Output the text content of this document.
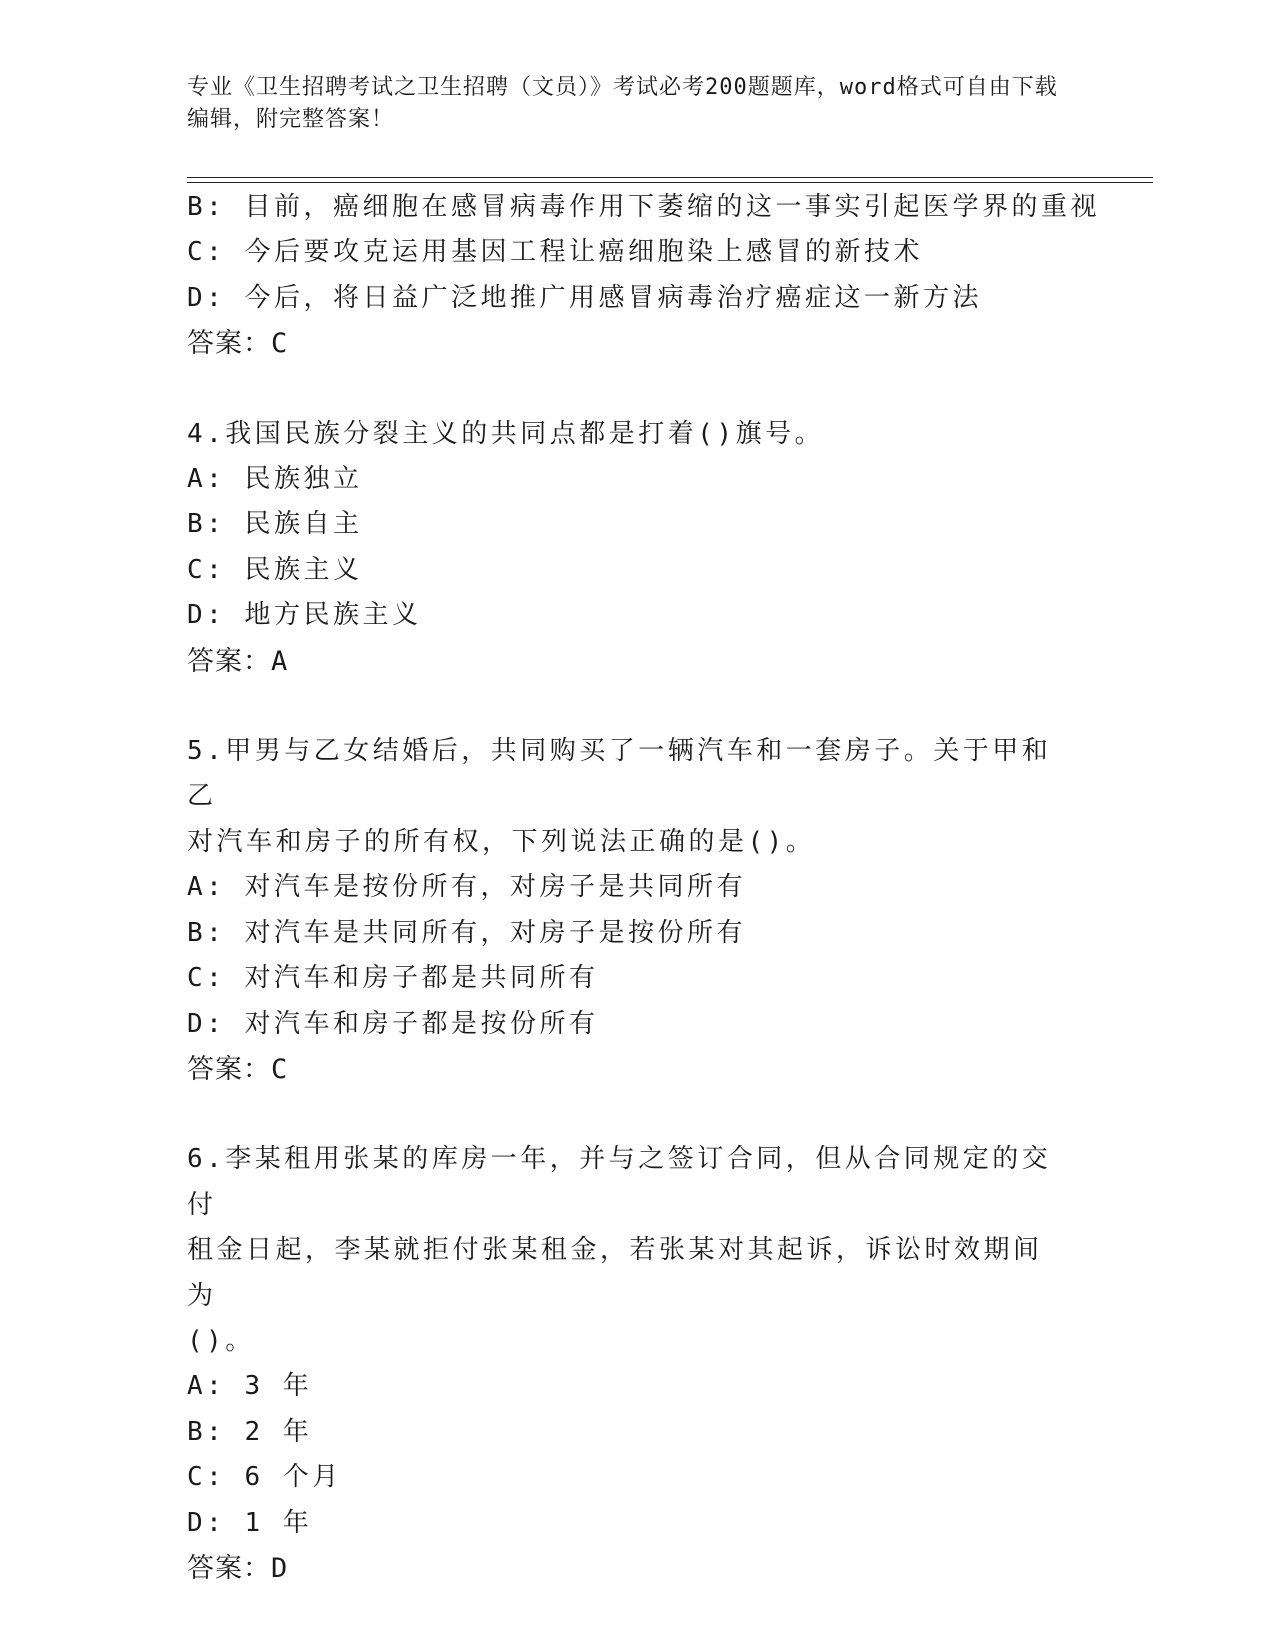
专业《卫生招聘考试之卫生招聘（文员）》考试必考200题题库，word格式可自由下载编辑，附完整答案！
B: 目前，癌细胞在感冒病毒作用下萎缩的这一事实引起医学界的重视
C: 今后要攻克运用基因工程让癌细胞染上感冒的新技术
D: 今后，将日益广泛地推广用感冒病毒治疗癌症这一新方法
答案：C
4.我国民族分裂主义的共同点都是打着()旗号。
A: 民族独立
B: 民族自主
C: 民族主义
D: 地方民族主义
答案：A
5.甲男与乙女结婚后，共同购买了一辆汽车和一套房子。关于甲和乙
对汽车和房子的所有权，下列说法正确的是()。
A: 对汽车是按份所有，对房子是共同所有
B: 对汽车是共同所有，对房子是按份所有
C: 对汽车和房子都是共同所有
D: 对汽车和房子都是按份所有
答案：C
6.李某租用张某的库房一年，并与之签订合同，但从合同规定的交付
租金日起，李某就拒付张某租金，若张某对其起诉，诉讼时效期间为
()。
A: 3 年
B: 2 年
C: 6 个月
D: 1 年
答案：D
